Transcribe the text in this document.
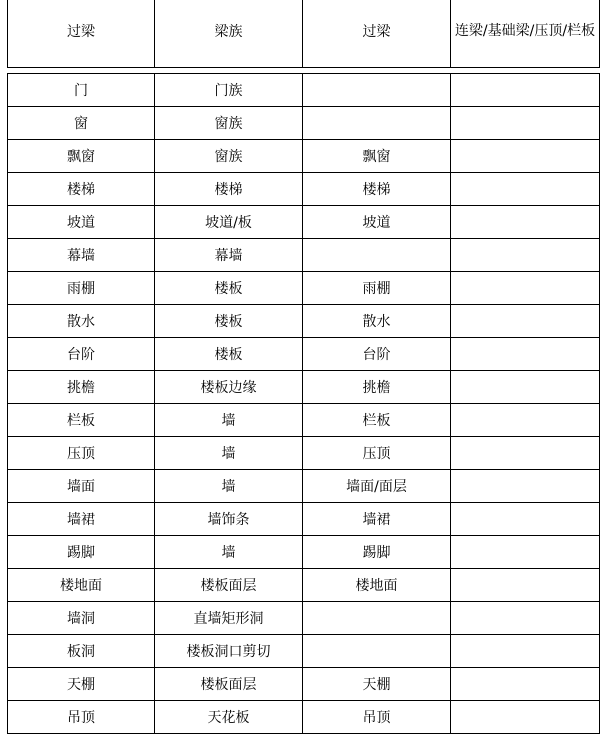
过梁	梁族	过梁	连梁/基础梁/压顶/栏板
门	门族		
窗	窗族		
飘窗	窗族	飘窗	
楼梯	楼梯	楼梯	
坡道	坡道/板	坡道	
幕墙	幕墙		
雨棚	楼板	雨棚	
散水	楼板	散水	
台阶	楼板	台阶	
挑檐	楼板边缘	挑檐	
栏板	墙	栏板	
压顶	墙	压顶	
墙面	墙	墙面/面层	
墙裙	墙饰条	墙裙	
踢脚	墙	踢脚	
楼地面	楼板面层	楼地面	
墙洞	直墙矩形洞		
板洞	楼板洞口剪切		
天棚	楼板面层	天棚	
吊顶	天花板	吊顶	
